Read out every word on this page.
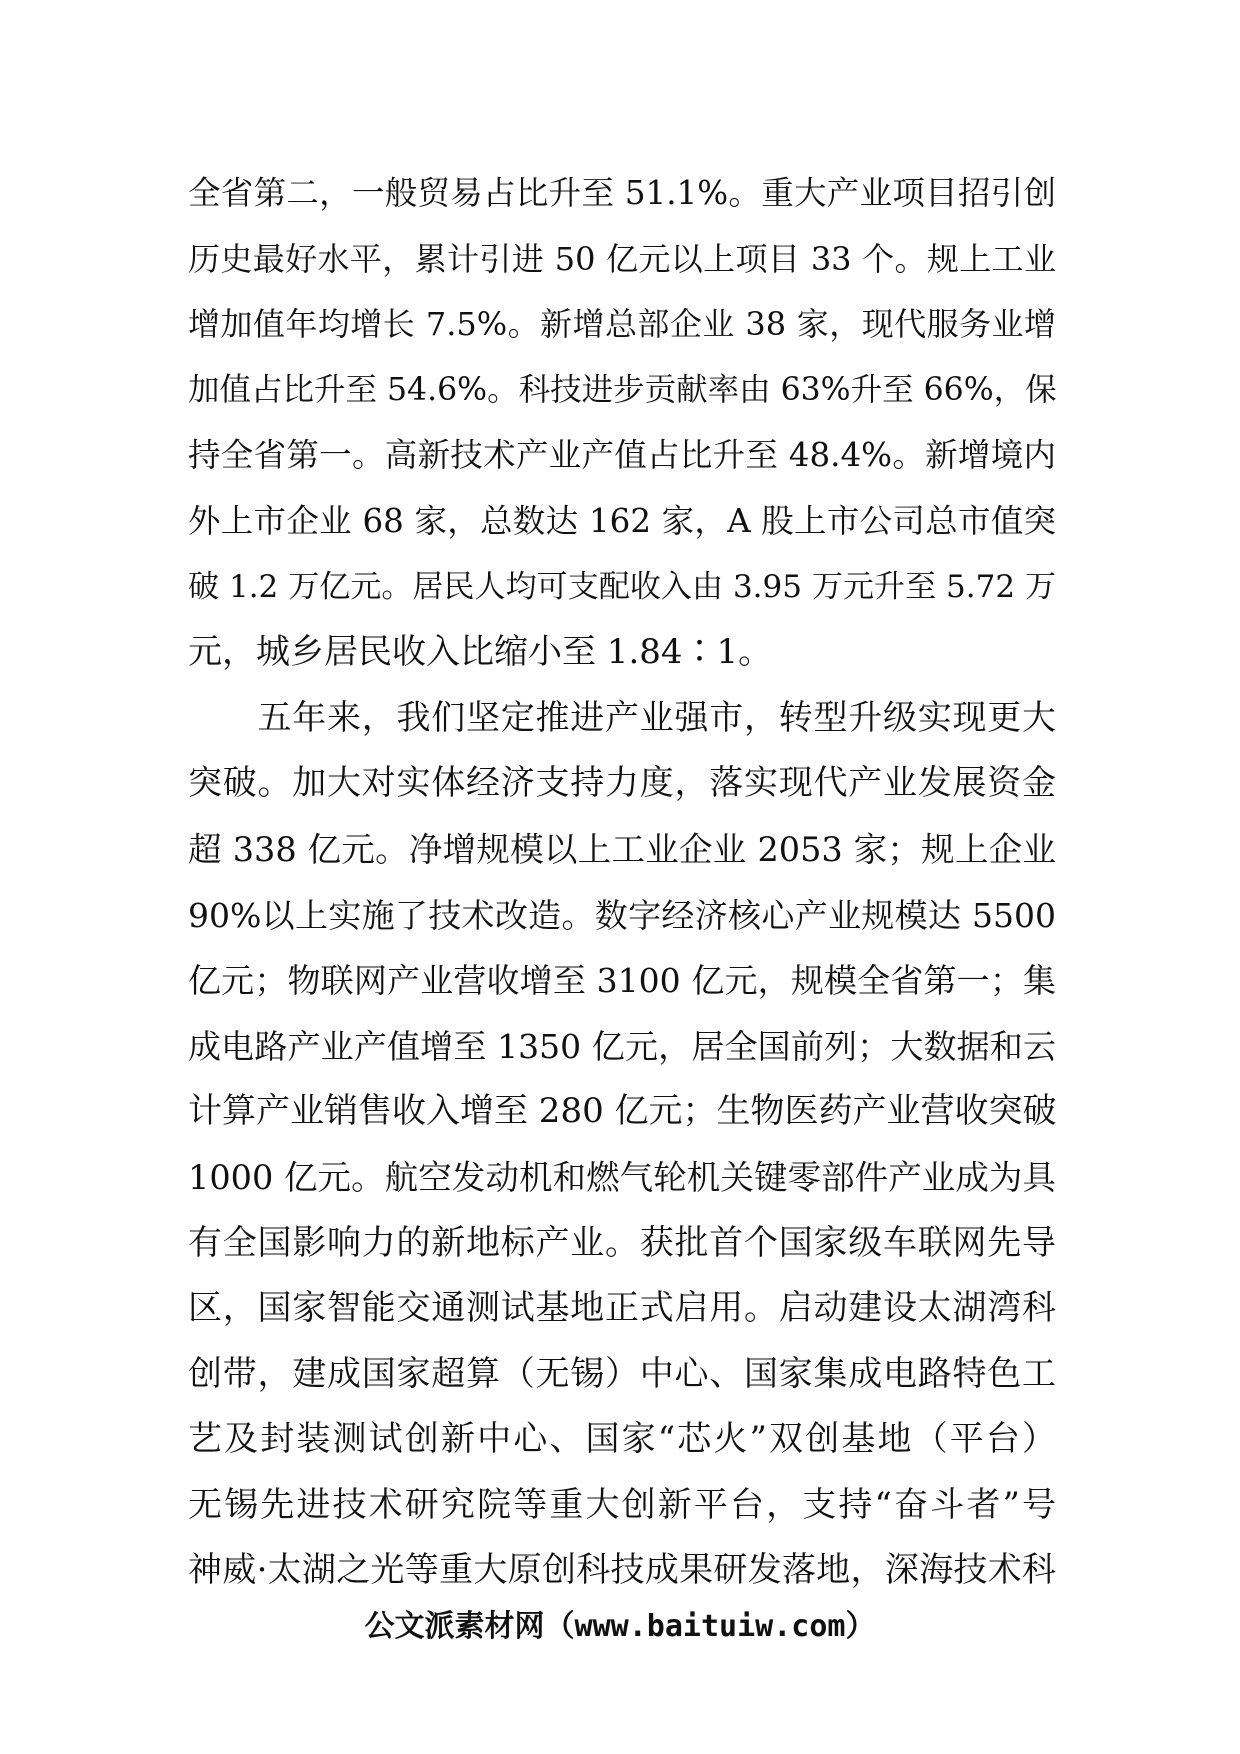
全省第二，一般贸易占比升至 51.1%。重大产业项目招引创
历史最好水平，累计引进 50 亿元以上项目 33 个。规上工业
增加值年均增长 7.5%。新增总部企业 38 家，现代服务业增
加值占比升至 54.6%。科技进步贡献率由 63%升至 66%，保
持全省第一。高新技术产业产值占比升至 48.4%。新增境内
外上市企业 68 家，总数达 162 家，A 股上市公司总市值突
破 1.2 万亿元。居民人均可支配收入由 3.95 万元升至 5.72 万
元，城乡居民收入比缩小至 1.84∶1。
　　五年来，我们坚定推进产业强市，转型升级实现更大
突破。加大对实体经济支持力度，落实现代产业发展资金
超 338 亿元。净增规模以上工业企业 2053 家；规上企业
90%以上实施了技术改造。数字经济核心产业规模达 5500
亿元；物联网产业营收增至 3100 亿元，规模全省第一；集
成电路产业产值增至 1350 亿元，居全国前列；大数据和云
计算产业销售收入增至 280 亿元；生物医药产业营收突破
1000 亿元。航空发动机和燃气轮机关键零部件产业成为具
有全国影响力的新地标产业。获批首个国家级车联网先导
区，国家智能交通测试基地正式启用。启动建设太湖湾科
创带，建成国家超算（无锡）中心、国家集成电路特色工
艺及封装测试创新中心、国家“芯火”双创基地（平台）
无锡先进技术研究院等重大创新平台，支持“奋斗者”号
神威·太湖之光等重大原创科技成果研发落地，深海技术科
公文派素材网（www.baituiw.com）
